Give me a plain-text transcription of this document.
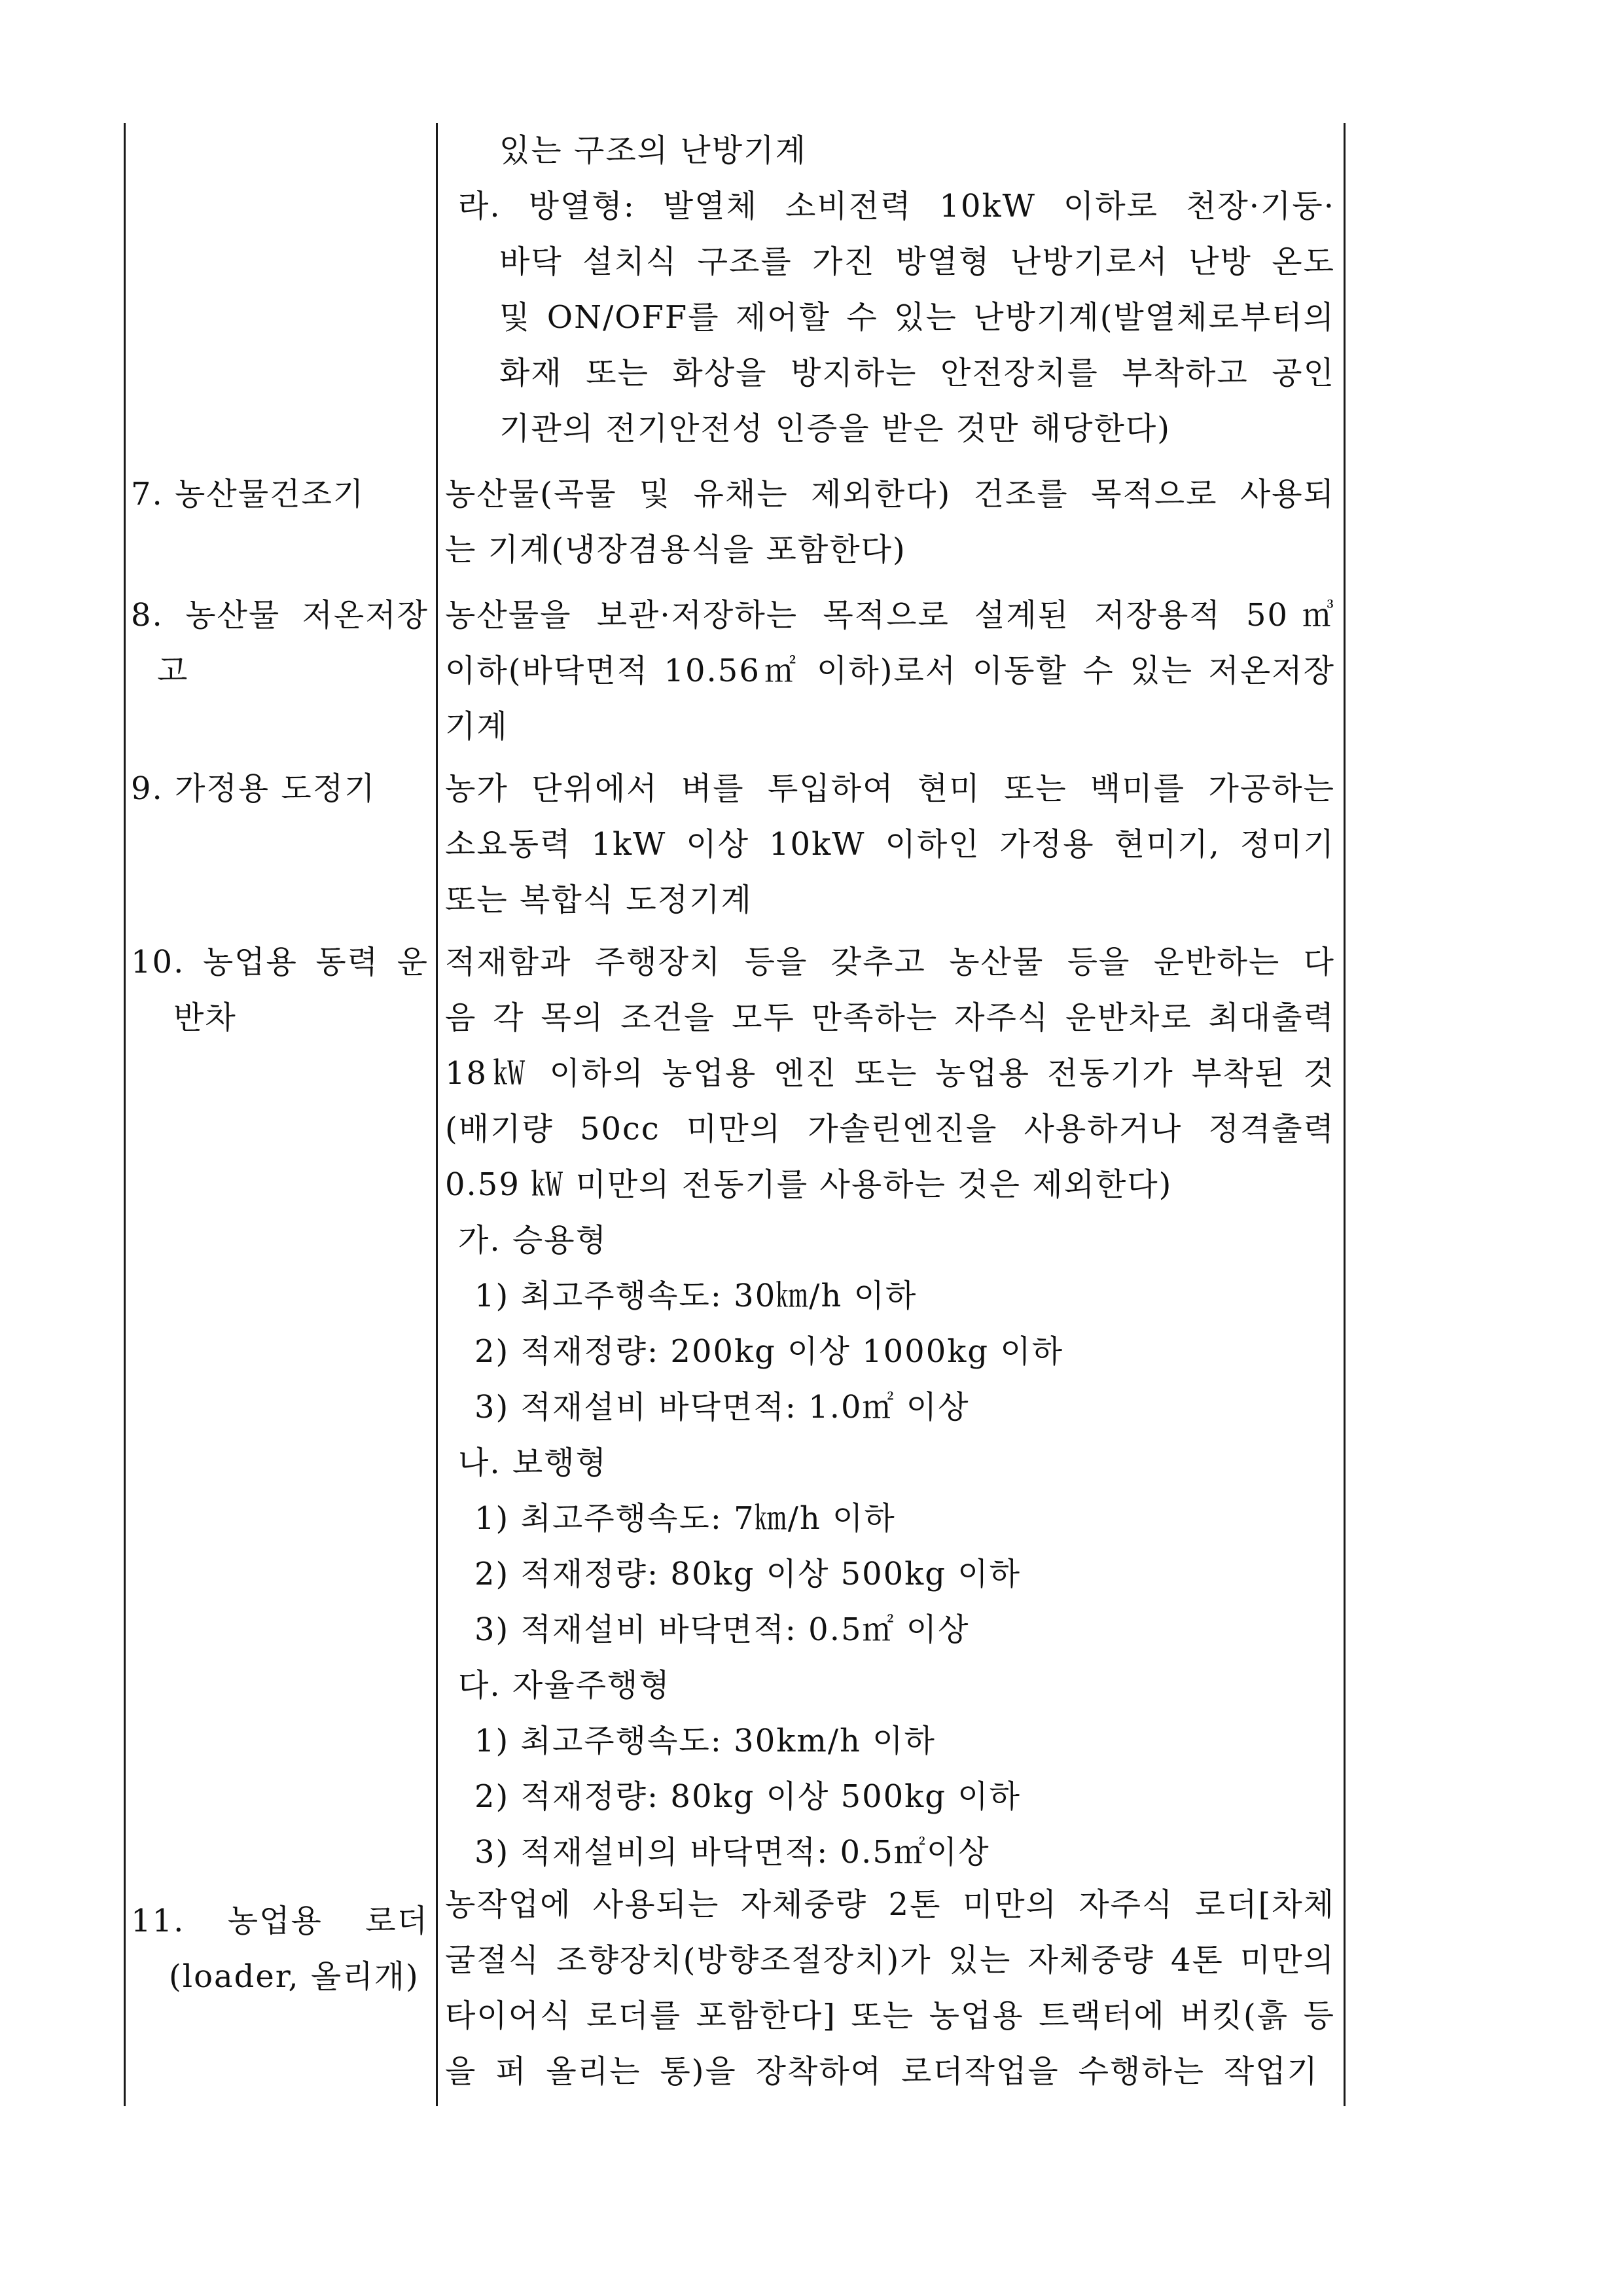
있는 구조의 난방기계
라. 방열형: 발열체 소비전력 10kW 이하로 천장·기둥·
바닥 설치식 구조를 가진 방열형 난방기로서 난방 온도
및 ON/OFF를 제어할 수 있는 난방기계(발열체로부터의
화재 또는 화상을 방지하는 안전장치를 부착하고 공인
기관의 전기안전성 인증을 받은 것만 해당한다)
7. 농산물건조기	농산물(곡물 및 유채는 제외한다) 건조를 목적으로 사용되
는 기계(냉장겸용식을 포함한다)
8. 농산물 저온저장
고
농산물을 보관·저장하는 목적으로 설계된 저장용적 50㎥
이하(바닥면적 10.56㎡ 이하)로서 이동할 수 있는 저온저장
기계
9. 가정용 도정기 농가 단위에서 벼를 투입하여 현미 또는 백미를 가공하는
소요동력 1kW 이상 10kW 이하인 가정용 현미기, 정미기
또는 복합식 도정기계
10. 농업용 동력 운
반차
적재함과 주행장치 등을 갖추고 농산물 등을 운반하는 다
음 각 목의 조건을 모두 만족하는 자주식 운반차로 최대출력
18㎾ 이하의 농업용 엔진 또는 농업용 전동기가 부착된 것
(배기량 50cc 미만의 가솔린엔진을 사용하거나 정격출력
0.59 ㎾ 미만의 전동기를 사용하는 것은 제외한다)
가. 승용형
1) 최고주행속도: 30㎞/h 이하
2) 적재정량: 200kg 이상 1000kg 이하
3) 적재설비 바닥면적: 1.0㎡ 이상
나. 보행형
1) 최고주행속도: 7㎞/h 이하
2) 적재정량: 80kg 이상 500kg 이하
3) 적재설비 바닥면적: 0.5㎡ 이상
다. 자율주행형
1) 최고주행속도: 30km/h 이하
2) 적재정량: 80kg 이상 500kg 이하
3) 적재설비의 바닥면적: 0.5㎡이상
11. 농업용 로더
(loader, 올리개)
농작업에 사용되는 자체중량 2톤 미만의 자주식 로더[차체
굴절식 조향장치(방향조절장치)가 있는 자체중량 4톤 미만의
타이어식 로더를 포함한다] 또는 농업용 트랙터에 버킷(흙 등
을 퍼 올리는 통)을 장착하여 로더작업을 수행하는 작업기
